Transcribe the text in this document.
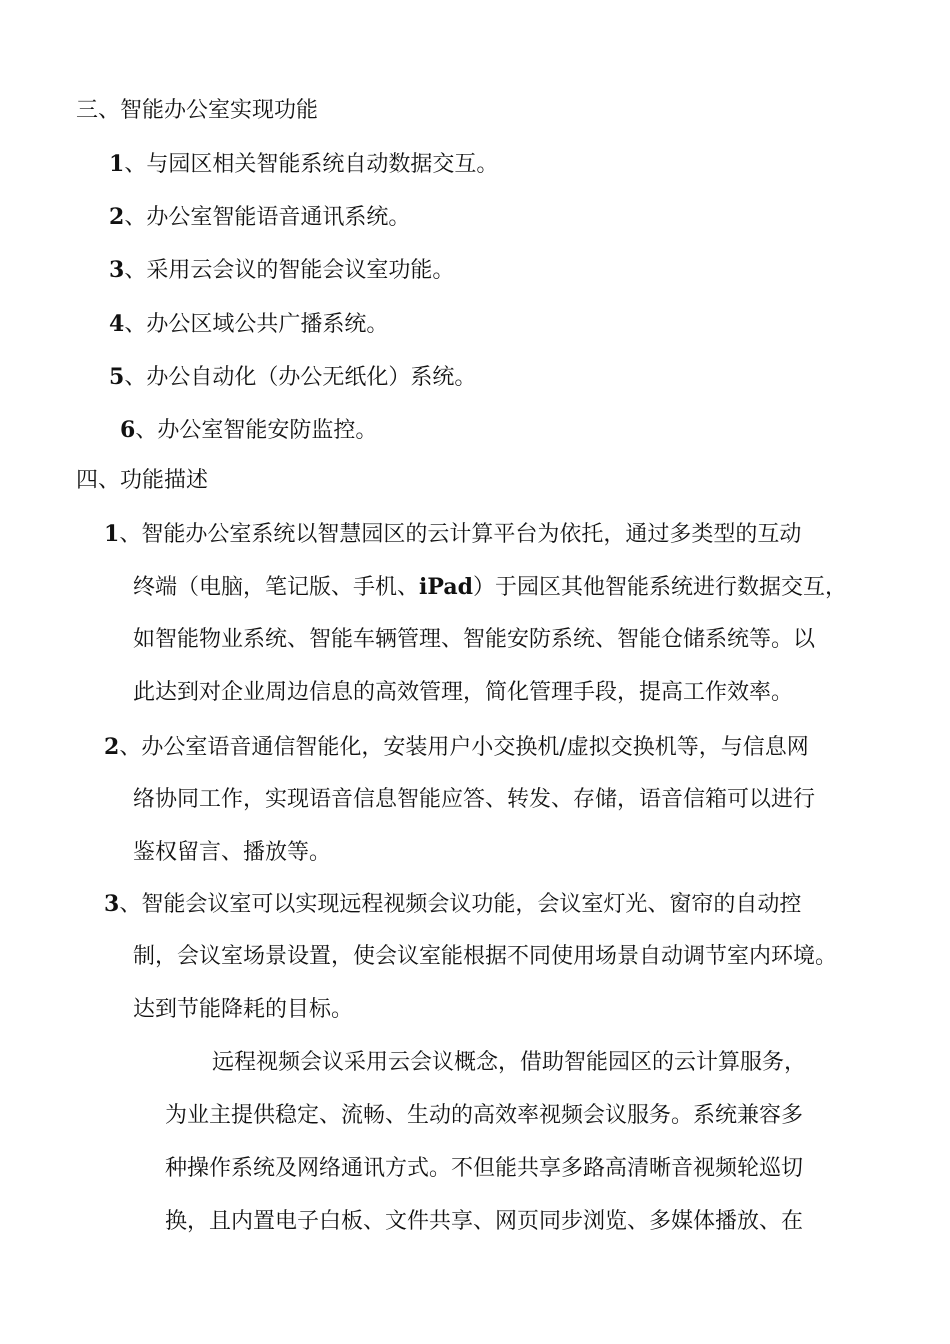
三、智能办公室实现功能

1、与园区相关智能系统自动数据交互。

2、办公室智能语音通讯系统。

3、采用云会议的智能会议室功能。

4、办公区域公共广播系统。

5、办公自动化（办公无纸化）系统。

6、办公室智能安防监控。

四、功能描述

1、智能办公室系统以智慧园区的云计算平台为依托，通过多类型的互动

终端（电脑，笔记版、手机、iPad）于园区其他智能系统进行数据交互，

如智能物业系统、智能车辆管理、智能安防系统、智能仓储系统等。以

此达到对企业周边信息的高效管理，简化管理手段，提高工作效率。

2、办公室语音通信智能化，安装用户小交换机/虚拟交换机等，与信息网

络协同工作，实现语音信息智能应答、转发、存储，语音信箱可以进行

鉴权留言、播放等。

3、智能会议室可以实现远程视频会议功能，会议室灯光、窗帘的自动控

制，会议室场景设置，使会议室能根据不同使用场景自动调节室内环境。

达到节能降耗的目标。

远程视频会议采用云会议概念，借助智能园区的云计算服务，

为业主提供稳定、流畅、生动的高效率视频会议服务。系统兼容多

种操作系统及网络通讯方式。不但能共享多路高清晰音视频轮巡切

换，且内置电子白板、文件共享、网页同步浏览、多媒体播放、在
